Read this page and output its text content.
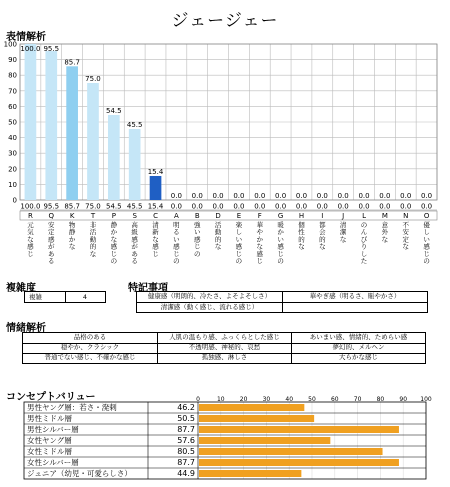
ジェージェー
表情解析
100
90
80
70
60
50
40
30
20
10
0
100.0 95.5
85.7
75.0
54.5
45.5
15.4
0.0 0.0 0.0 0.0 0.0 0.0 0.0 0.0 0.0 0.0 0.0 0.0 0.0
100.0 95.5 85.7 75.0 54.5 45.5 15.4 0.0 0.0 0.0 0.0 0.0 0.0 0.0 0.0 0.0 0.0 0.0 0.0 0.0
R Q K T P S C A B D E F G H I	J	L M N O
元気な感じ
安定感がある
物静かな
非活動的な
静かな感じの
高級感がある
清新な感じ
明るい感じの
強い感じの
活動的な
楽しい感じの
華やかな感じ
暖かい感じの
個性的な
都会的な
清潔な
のんびりした
意外な
不安定な
優しい感じの
複雑度
複雑	4
特記事項
健康感（明朗的、冷たさ、よそよそしさ）	華やぎ感（明るさ、賑やかさ）
清潔感（動く感じ、流れる感じ）
情緒解析
品格のある	人肌の温もり感、ふっくらとした感じ	あいまい感、情緒的、ためらい感
穏やか、クラシック	不透明感、神秘的、哀愁	夢幻的、メルヘン
普通でない感じ、不確かな感じ	孤独感、淋しさ	大らかな感じ
コンセプトバリュー	0	10	20	30	40	50	60	70	80	90 100
男性ヤング層：若さ・溌剌	46.2
男性ミドル層	50.5
男性シルバー層	87.7
女性ヤング層	57.6
女性ミドル層	80.5
女性シルバー層	87.7
ジュニア（幼児・可愛らしさ）	44.9
